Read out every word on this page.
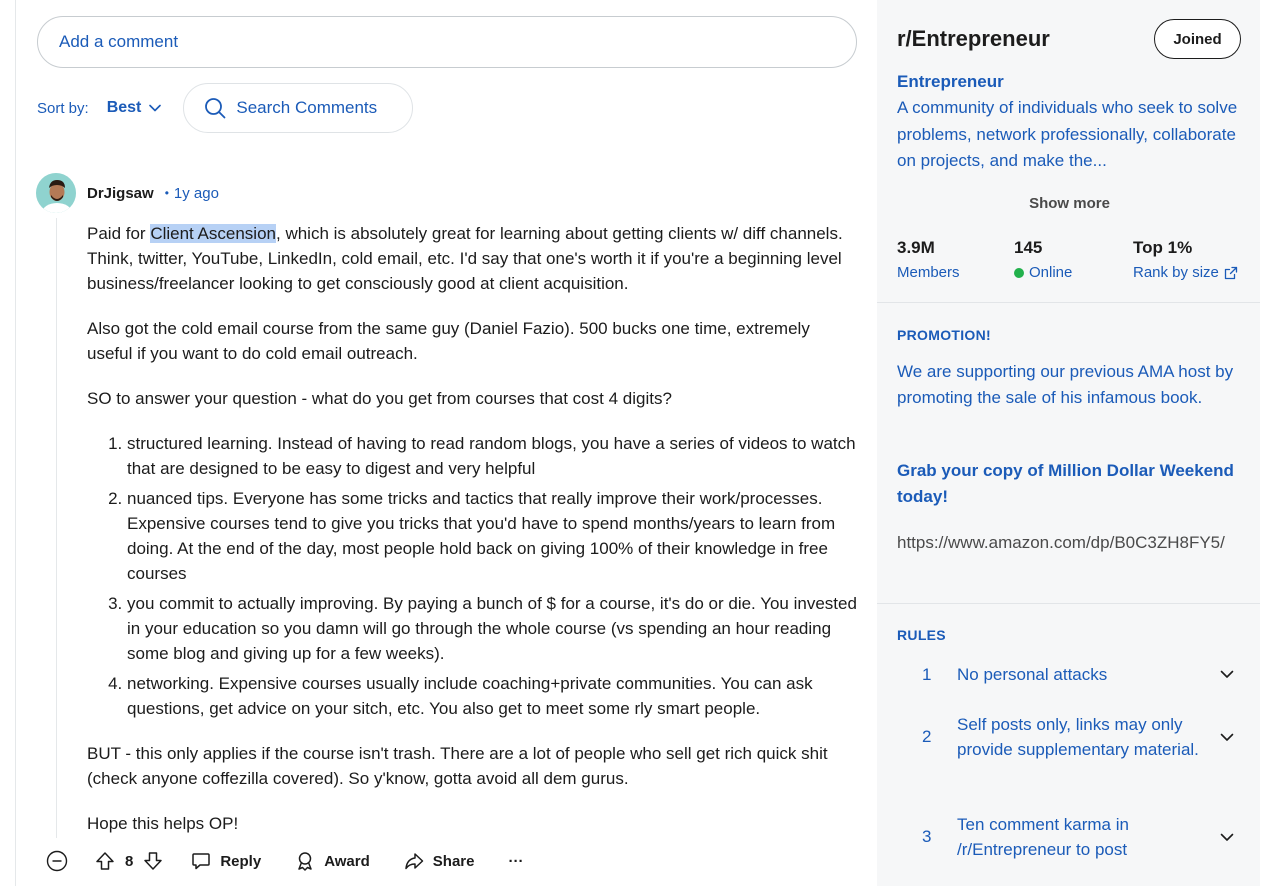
Add a comment
Sort by: Best	Search Comments
DrJigsaw • 1y ago

Paid for Client Ascension, which is absolutely great for learning about getting clients w/ diff channels. Think, twitter, YouTube, LinkedIn, cold email, etc. I'd say that one's worth it if you're a beginning level business/freelancer looking to get consciously good at client acquisition.

Also got the cold email course from the same guy (Daniel Fazio). 500 bucks one time, extremely useful if you want to do cold email outreach.

SO to answer your question - what do you get from courses that cost 4 digits?

1. structured learning. Instead of having to read random blogs, you have a series of videos to watch that are designed to be easy to digest and very helpful
2. nuanced tips. Everyone has some tricks and tactics that really improve their work/processes. Expensive courses tend to give you tricks that you'd have to spend months/years to learn from doing. At the end of the day, most people hold back on giving 100% of their knowledge in free courses
3. you commit to actually improving. By paying a bunch of $ for a course, it's do or die. You invested in your education so you damn will go through the whole course (vs spending an hour reading some blog and giving up for a few weeks).
4. networking. Expensive courses usually include coaching+private communities. You can ask questions, get advice on your sitch, etc. You also get to meet some rly smart people.

BUT - this only applies if the course isn't trash. There are a lot of people who sell get rich quick shit (check anyone coffezilla covered). So y'know, gotta avoid all dem gurus.

Hope this helps OP!

8	Reply	Award	Share ···
r/Entrepreneur	Joined
Entrepreneur
A community of individuals who seek to solve problems, network professionally, collaborate on projects, and make the...
Show more
3.9M
Members
145
Online
Top 1%
Rank by size
PROMOTION!
We are supporting our previous AMA host by promoting the sale of his infamous book.
Grab your copy of Million Dollar Weekend today!
https://www.amazon.com/dp/B0C3ZH8FY5/
RULES
1	No personal attacks
2
Self posts only, links may only provide supplementary material.
3
Ten comment karma in /r/Entrepreneur to post
